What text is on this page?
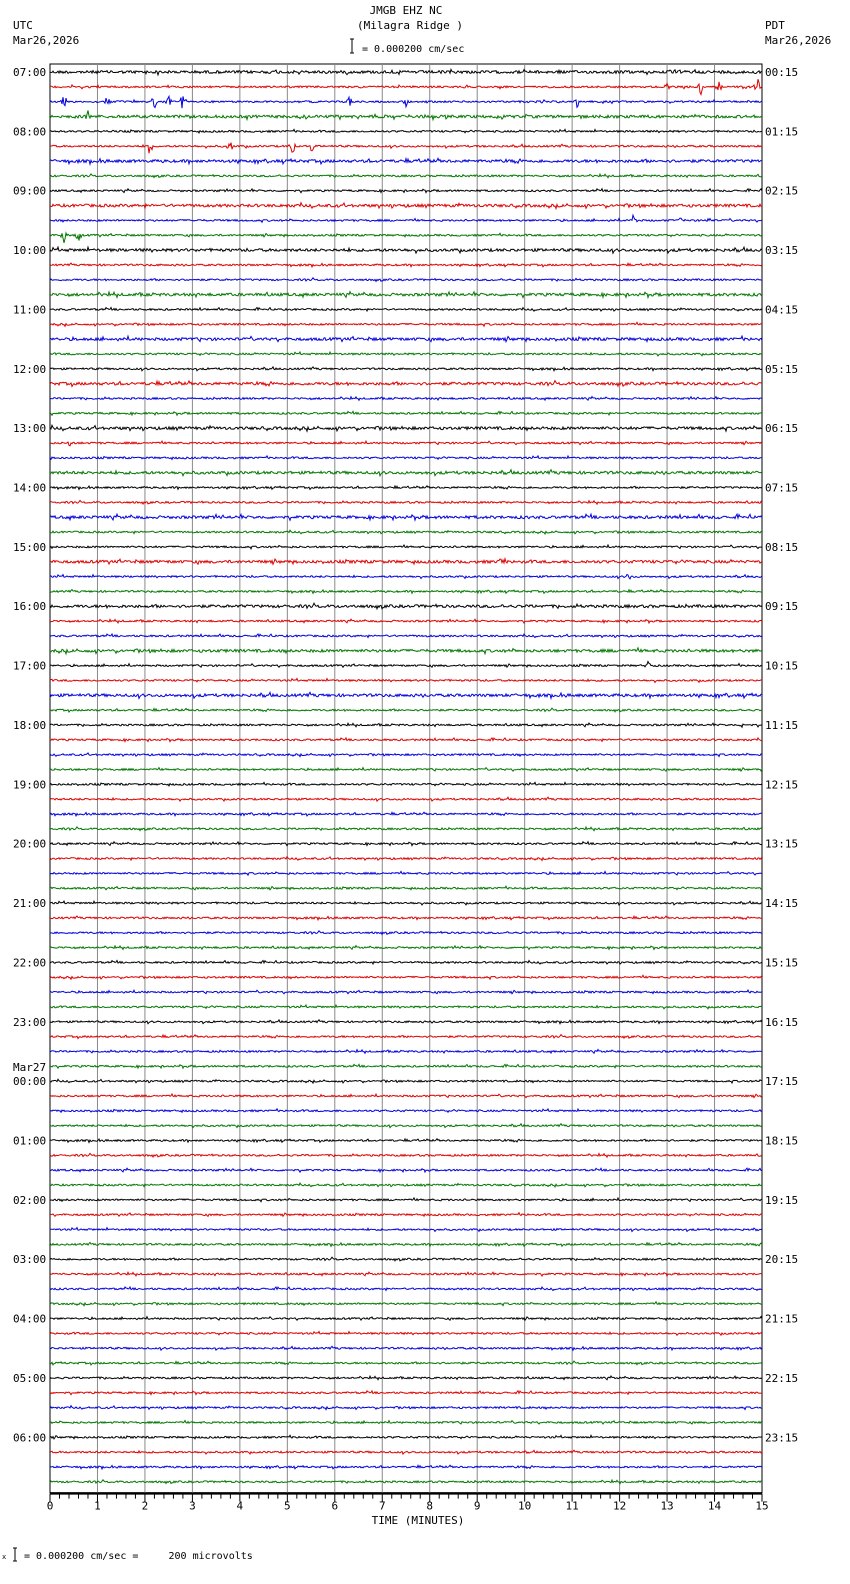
JMGB EHZ NC
(Milagra Ridge )
UTC
Mar26,2026
PDT
Mar26,2026
= 0.000200 cm/sec
07:00	00:15
08:00	01:15
09:00	02:15
10:00	03:15
11:00	04:15
12:00	05:15
13:00	06:15
14:00	07:15
15:00	08:15
16:00	09:15
17:00	10:15
18:00	11:15
19:00	12:15
20:00	13:15
21:00	14:15
22:00	15:15
23:00	16:15
00:00	17:15
Mar27
01:00	18:15
02:00	19:15
03:00	20:15
04:00	21:15
05:00	22:15
06:00	23:15
0	1	2	3	4	5	6	7	8	9	10	11	12	13	14	15
TIME (MINUTES)
x = 0.000200 cm/sec =     200 microvolts
